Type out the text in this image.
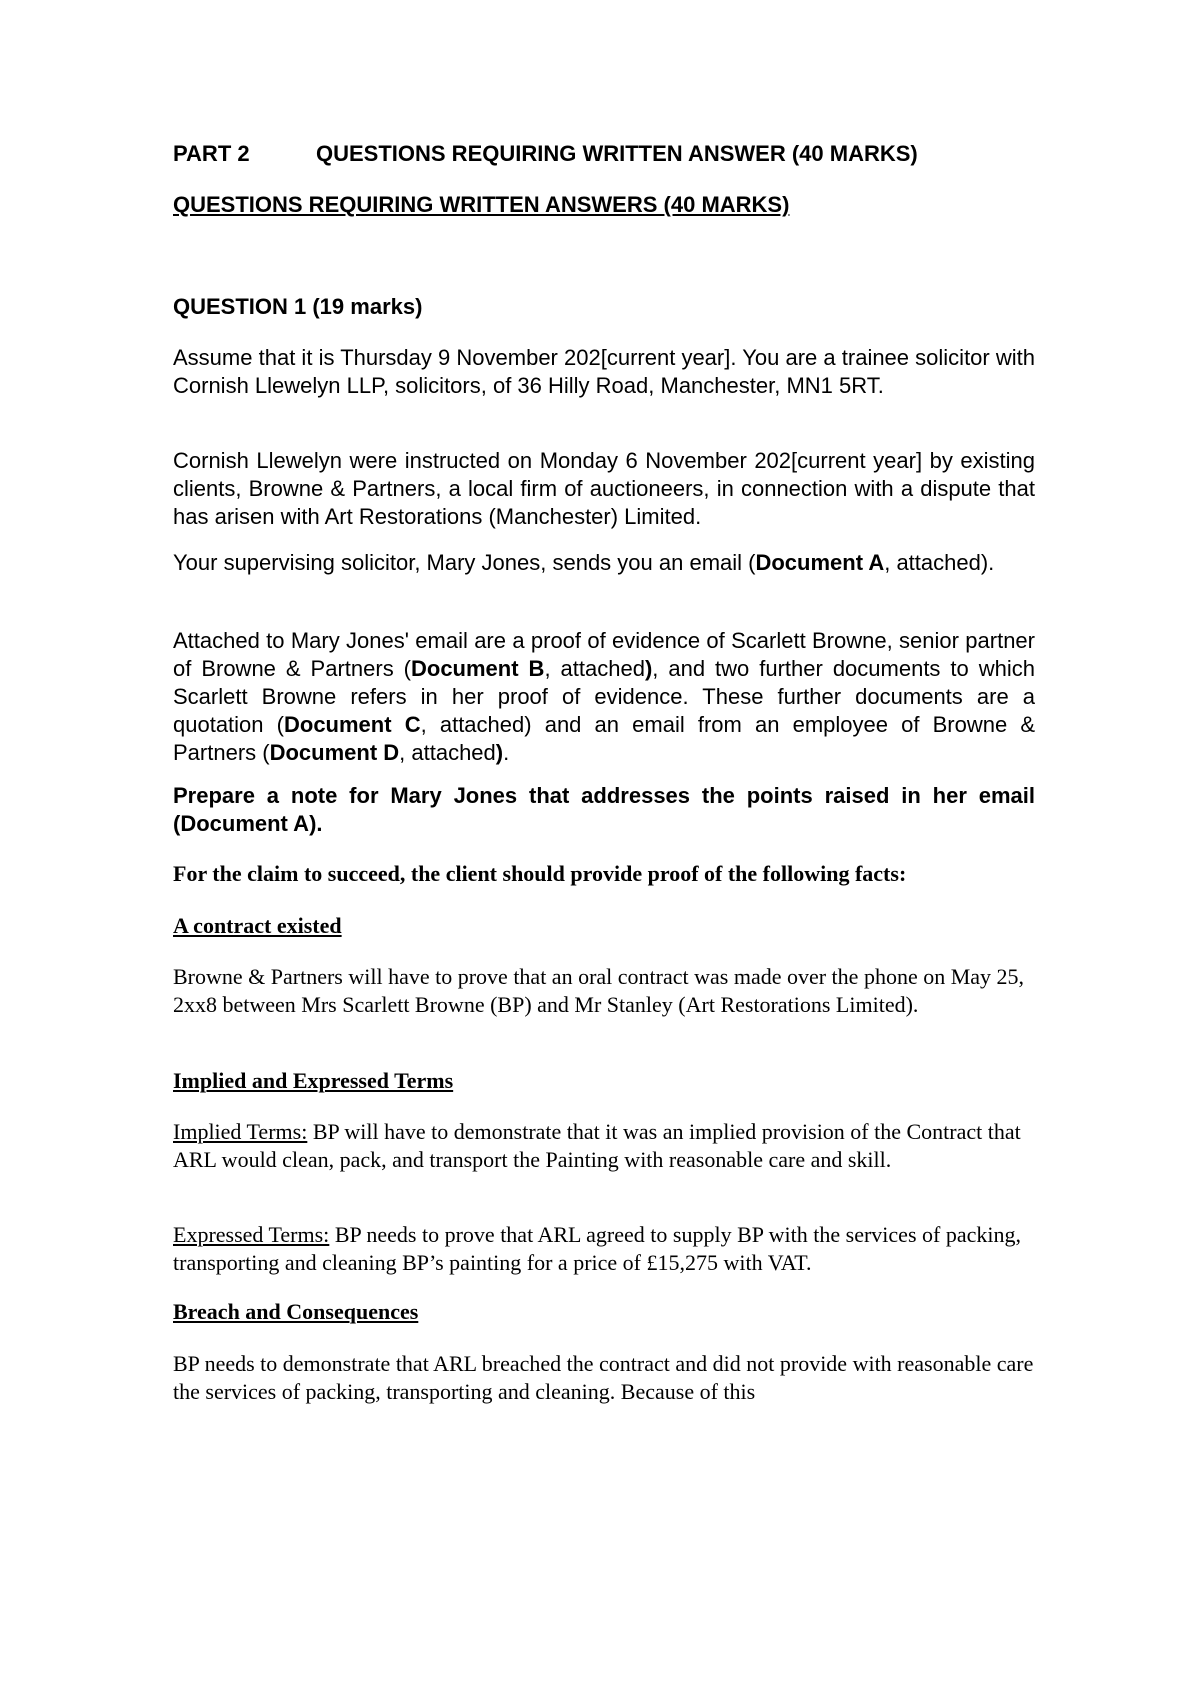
PART 2	QUESTIONS REQUIRING WRITTEN ANSWER (40 MARKS)

QUESTIONS REQUIRING WRITTEN ANSWERS (40 MARKS)

QUESTION 1 (19 marks)

Assume that it is Thursday 9 November 202[current year]. You are a trainee solicitor with Cornish Llewelyn LLP, solicitors, of 36 Hilly Road, Manchester, MN1 5RT.

Cornish Llewelyn were instructed on Monday 6 November 202[current year] by existing clients, Browne & Partners, a local firm of auctioneers, in connection with a dispute that has arisen with Art Restorations (Manchester) Limited.

Your supervising solicitor, Mary Jones, sends you an email (Document A, attached).

Attached to Mary Jones' email are a proof of evidence of Scarlett Browne, senior partner of Browne & Partners (Document B, attached), and two further documents to which Scarlett Browne refers in her proof of evidence. These further documents are a quotation (Document C, attached) and an email from an employee of Browne & Partners (Document D, attached).

Prepare a note for Mary Jones that addresses the points raised in her email (Document A).

For the claim to succeed, the client should provide proof of the following facts:

A contract existed

Browne & Partners will have to prove that an oral contract was made over the phone on May 25, 2xx8 between Mrs Scarlett Browne (BP) and Mr Stanley (Art Restorations Limited).

Implied and Expressed Terms

Implied Terms: BP will have to demonstrate that it was an implied provision of the Contract that ARL would clean, pack, and transport the Painting with reasonable care and skill.

Expressed Terms: BP needs to prove that ARL agreed to supply BP with the services of packing, transporting and cleaning BP’s painting for a price of £15,275 with VAT.

Breach and Consequences

BP needs to demonstrate that ARL breached the contract and did not provide with reasonable care the services of packing, transporting and cleaning. Because of this
